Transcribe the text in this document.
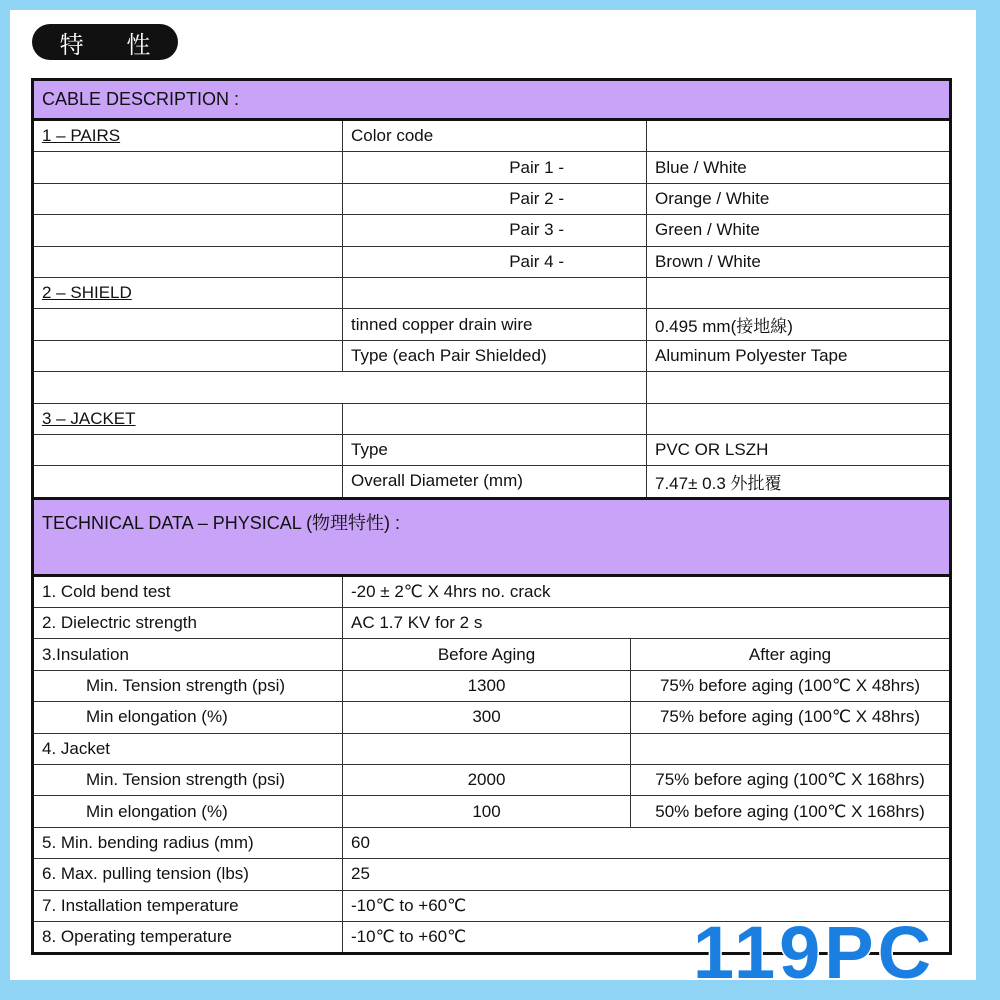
特 性
CABLE DESCRIPTION :			
1 – PAIRS	Color code		
	Pair 1 -		Blue / White
	Pair 2 -		Orange / White
	Pair 3 -		Green / White
	Pair 4 -		Brown / White
2 – SHIELD			
	tinned copper drain wire		0.495 mm(接地線)
	Type (each Pair Shielded)		Aluminum Polyester Tape

3 – JACKET			
	Type		PVC OR LSZH
	Overall Diameter (mm)		7.47± 0.3 外批覆
TECHNICAL DATA – PHYSICAL (物理特性) :			
1. Cold bend test	-20 ± 2℃ X 4hrs no. crack		
2. Dielectric strength	AC 1.7 KV for 2 s		
3.Insulation	Before Aging	After aging	
Min. Tension strength (psi)	1300	75% before aging (100℃ X 48hrs)	
Min elongation (%)	300	75% before aging (100℃ X 48hrs)	
4. Jacket			
Min. Tension strength (psi)	2000	75% before aging (100℃ X 168hrs)	
Min elongation (%)	100	50% before aging (100℃ X 168hrs)	
5. Min. bending radius (mm)	60		
6. Max. pulling tension (lbs)	25		
7. Installation temperature	-10℃ to +60℃		
8. Operating temperature	-10℃ to +60℃			119PC
